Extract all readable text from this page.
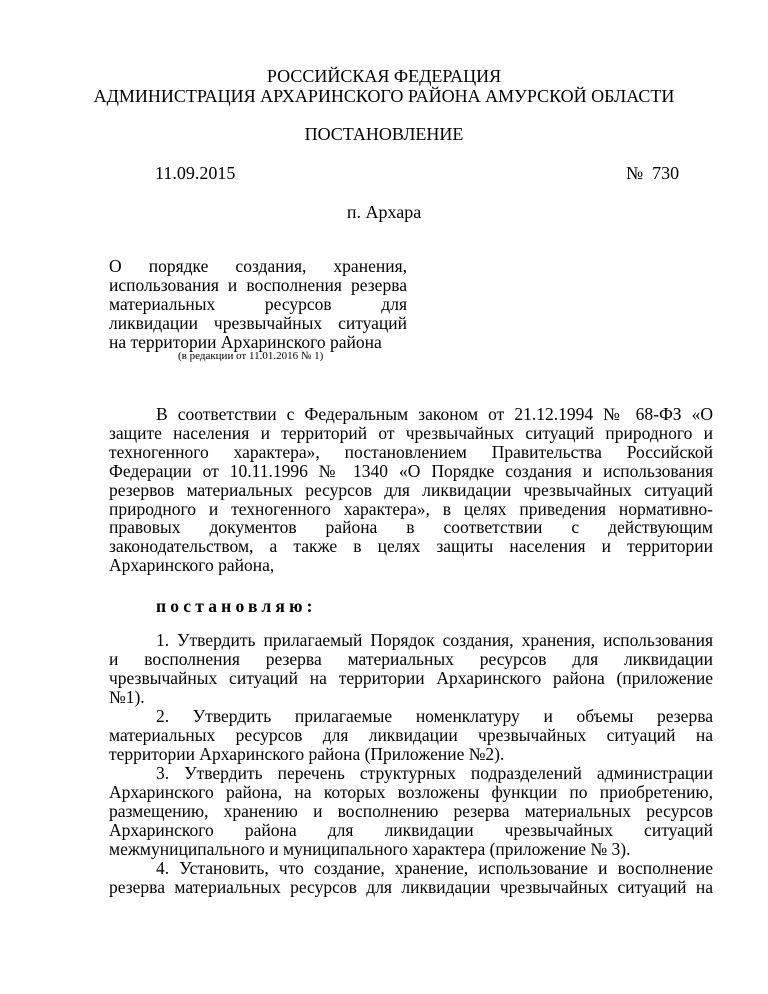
РОССИЙСКАЯ ФЕДЕРАЦИЯ
АДМИНИСТРАЦИЯ АРХАРИНСКОГО РАЙОНА АМУРСКОЙ ОБЛАСТИ
ПОСТАНОВЛЕНИЕ
11.09.2015	№  730
п. Архара
О порядке создания, хранения,
использования и восполнения резерва
материальных ресурсов для
ликвидации чрезвычайных ситуаций
на территории Архаринского района
(в редакции от 11.01.2016 № 1)
В соответствии с Федеральным законом от 21.12.1994 № 68-ФЗ «О
защите населения и территорий от чрезвычайных ситуаций природного и
техногенного характера», постановлением Правительства Российской
Федерации от 10.11.1996 № 1340 «О Порядке создания и использования
резервов материальных ресурсов для ликвидации чрезвычайных ситуаций
природного и техногенного характера», в целях приведения нормативно-
правовых документов района в соответствии с действующим
законодательством, а также в целях защиты населения и территории
Архаринского района,
постановляю:
1. Утвердить прилагаемый Порядок создания, хранения, использования
и восполнения резерва материальных ресурсов для ликвидации
чрезвычайных ситуаций на территории Архаринского района (приложение
№1).
2. Утвердить прилагаемые номенклатуру и объемы резерва
материальных ресурсов для ликвидации чрезвычайных ситуаций на
территории Архаринского района (Приложение №2).
3. Утвердить перечень структурных подразделений администрации
Архаринского района, на которых возложены функции по приобретению,
размещению, хранению и восполнению резерва материальных ресурсов
Архаринского района для ликвидации чрезвычайных ситуаций
межмуниципального и муниципального характера (приложение № 3).
4. Установить, что создание, хранение, использование и восполнение
резерва материальных ресурсов для ликвидации чрезвычайных ситуаций на
